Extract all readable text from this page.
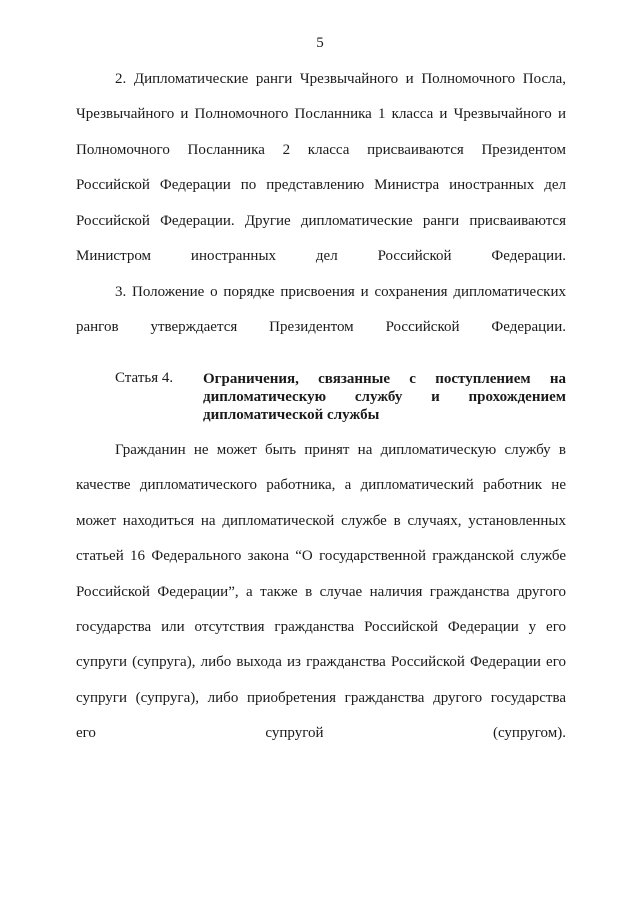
5
2. Дипломатические ранги Чрезвычайного и Полномочного Посла,
Чрезвычайного и Полномочного Посланника 1 класса и Чрезвычайного и
Полномочного Посланника 2 класса присваиваются Президентом
Российской Федерации по представлению Министра иностранных дел
Российской Федерации. Другие дипломатические ранги присваиваются
Министром иностранных дел Российской Федерации.
3. Положение о порядке присвоения и сохранения дипломатических
рангов утверждается Президентом Российской Федерации.
Статья 4. Ограничения, связанные с поступлением на
дипломатическую службу и прохождением
дипломатической службы
Гражданин не может быть принят на дипломатическую службу в
качестве дипломатического работника, а дипломатический работник не
может находиться на дипломатической службе в случаях, установленных
статьей 16 Федерального закона “О государственной гражданской службе
Российской Федерации”, а также в случае наличия гражданства другого
государства или отсутствия гражданства Российской Федерации у его
супруги (супруга), либо выхода из гражданства Российской Федерации его
супруги (супруга), либо приобретения гражданства другого государства
его супругой (супругом).
